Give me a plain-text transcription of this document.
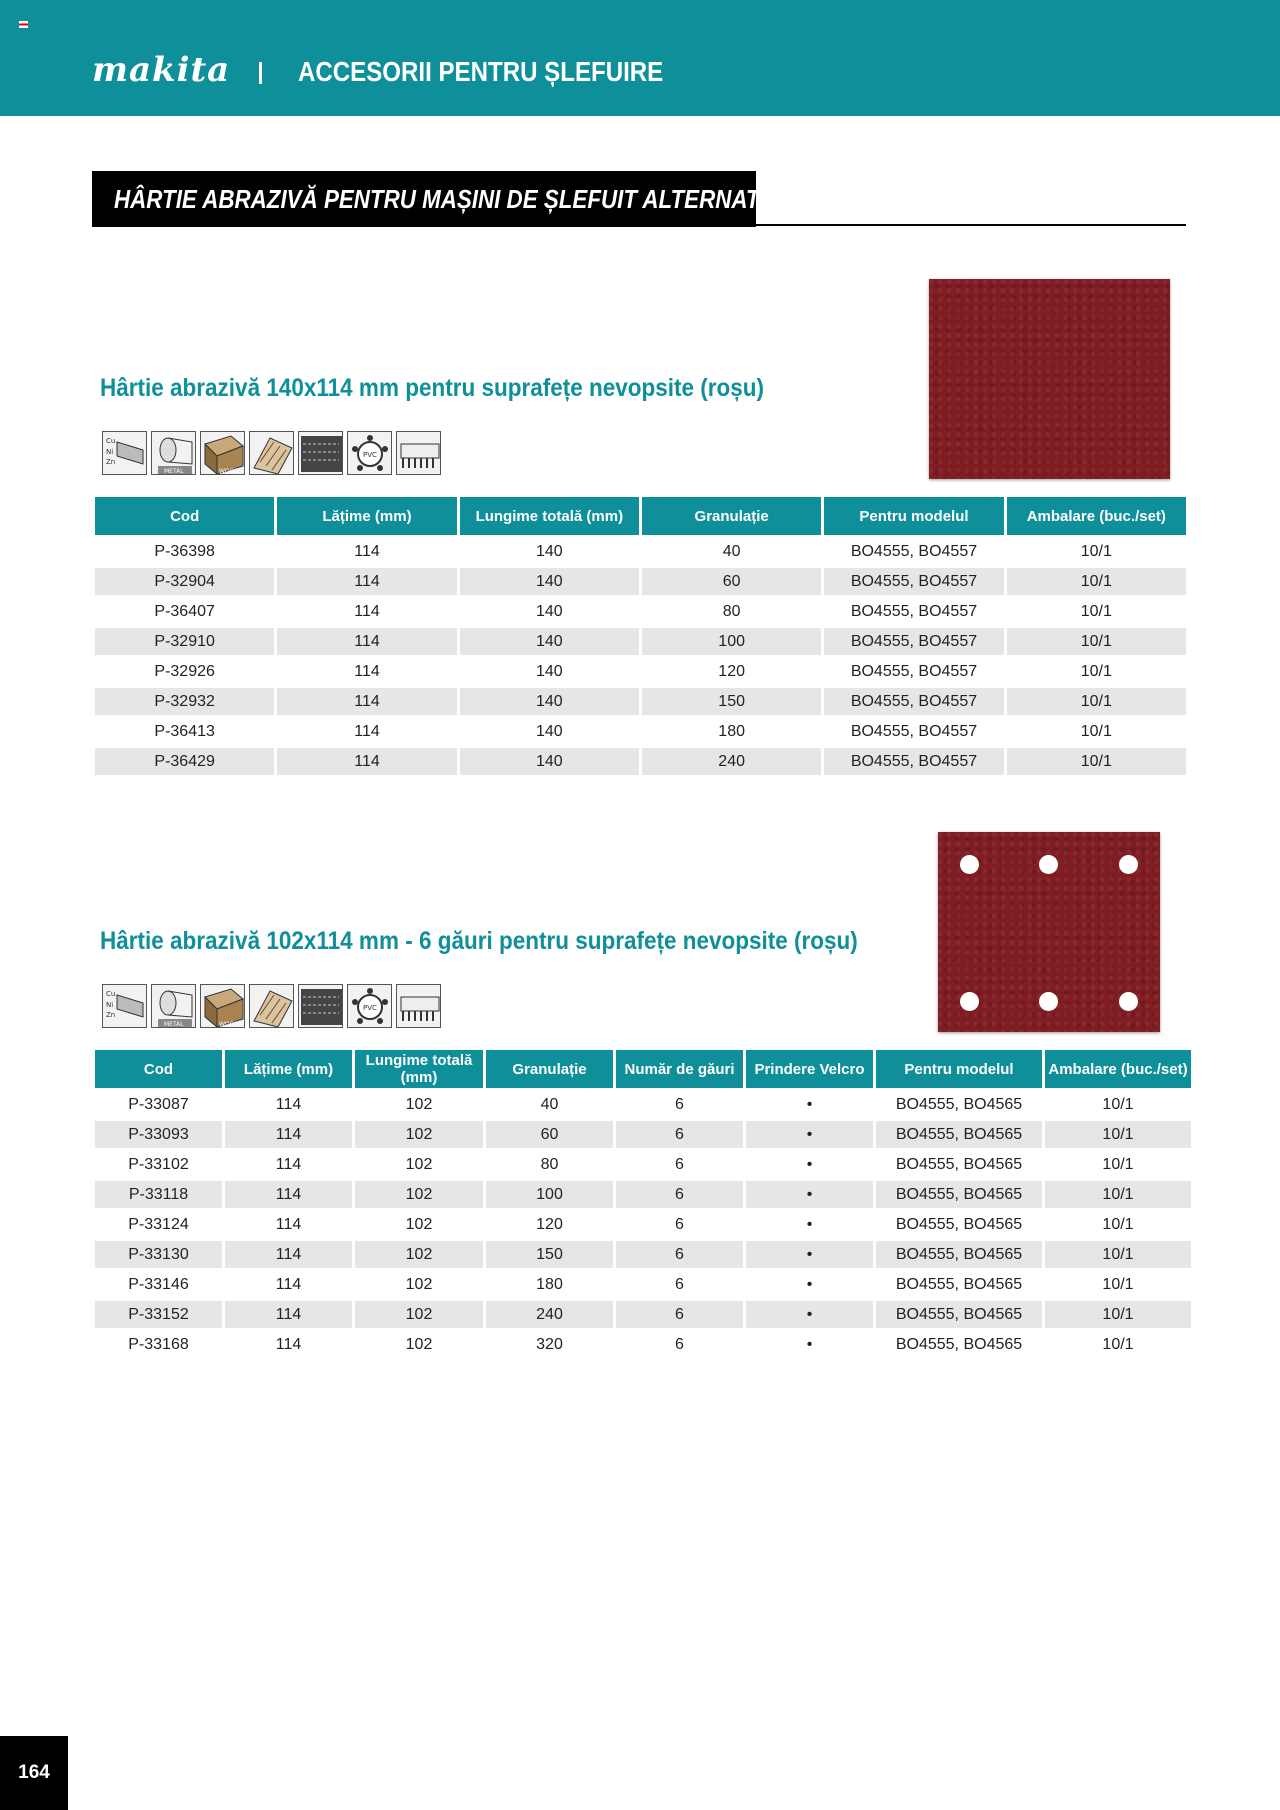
makita ACCESORII PENTRU ȘLEFUIRE
HÂRTIE ABRAZIVĂ PENTRU MAȘINI DE ȘLEFUIT ALTERNATIV
Hârtie abrazivă 140x114 mm pentru suprafețe nevopsite (roșu)
Cu
Ni
Zn
METAL	WOOD
PVC
Cod	Lățime (mm)	Lungime totală (mm)	Granulație	Pentru modelul	Ambalare (buc./set)
P-36398	114	140	40	BO4555, BO4557	10/1
P-32904	114	140	60	BO4555, BO4557	10/1
P-36407	114	140	80	BO4555, BO4557	10/1
P-32910	114	140	100	BO4555, BO4557	10/1
P-32926	114	140	120	BO4555, BO4557	10/1
P-32932	114	140	150	BO4555, BO4557	10/1
P-36413	114	140	180	BO4555, BO4557	10/1
P-36429	114	140	240	BO4555, BO4557	10/1
Hârtie abrazivă 102x114 mm - 6 găuri pentru suprafețe nevopsite (roșu)
Cu
Ni
Zn
METAL	WOOD
PVC
Cod	Lățime (mm)	Lungime totală (mm)	Granulație	Număr de găuri	Prindere Velcro	Pentru modelul	Ambalare (buc./set)
P-33087	114	102	40	6	•	BO4555, BO4565	10/1
P-33093	114	102	60	6	•	BO4555, BO4565	10/1
P-33102	114	102	80	6	•	BO4555, BO4565	10/1
P-33118	114	102	100	6	•	BO4555, BO4565	10/1
P-33124	114	102	120	6	•	BO4555, BO4565	10/1
P-33130	114	102	150	6	•	BO4555, BO4565	10/1
P-33146	114	102	180	6	•	BO4555, BO4565	10/1
P-33152	114	102	240	6	•	BO4555, BO4565	10/1
P-33168	114	102	320	6	•	BO4555, BO4565	10/1
164
